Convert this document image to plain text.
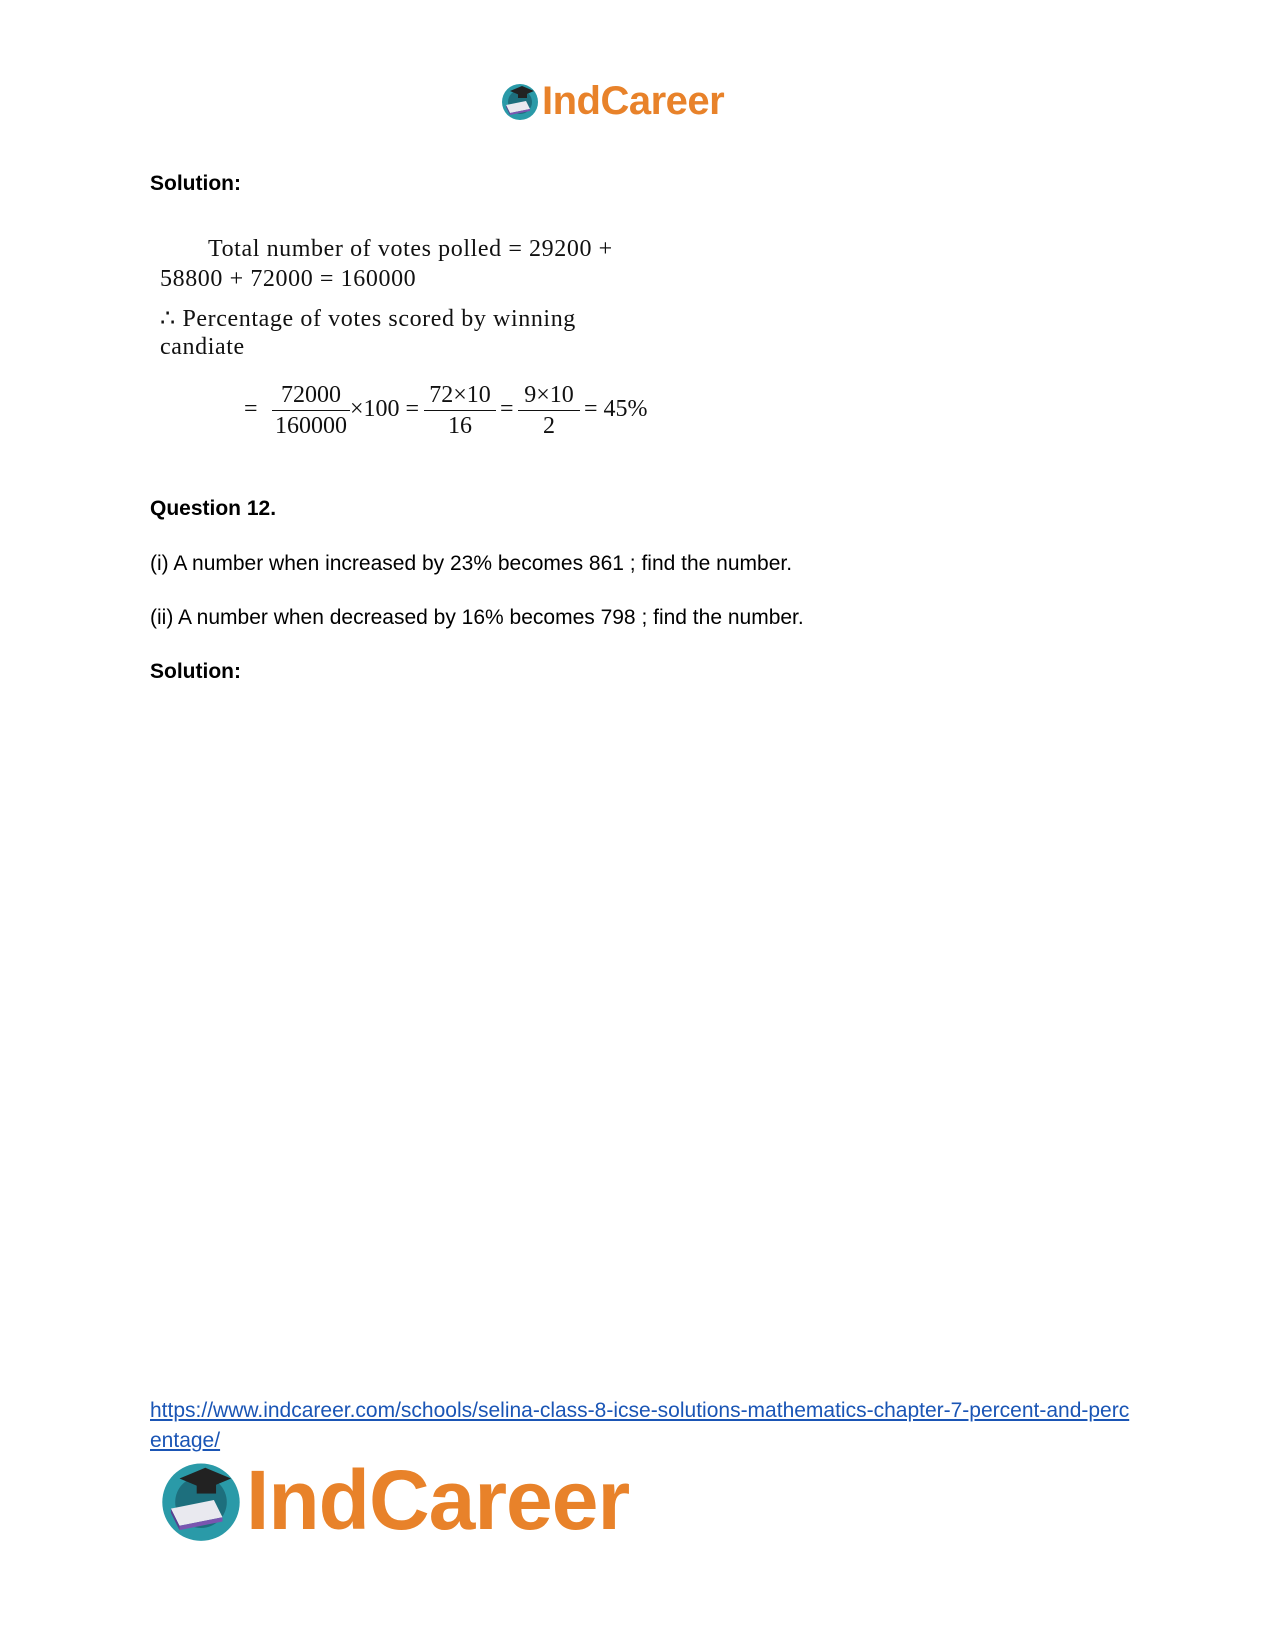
IndCareer
Solution:
Total number of votes polled = 29200 +
58800 + 72000 = 160000
∴ Percentage of votes scored by winning
candiate
= $\frac{72000}{160000} \times 100 = \frac{72\times 10}{16} = \frac{9\times 10}{2} = 45\%$
Question 12.
(i) A number when increased by 23% becomes 861 ; find the number.
(ii) A number when decreased by 16% becomes 798 ; find the number.
Solution:
https://www.indcareer.com/schools/selina-class-8-icse-solutions-mathematics-chapter-7-percent-and-percentage/
IndCareer
